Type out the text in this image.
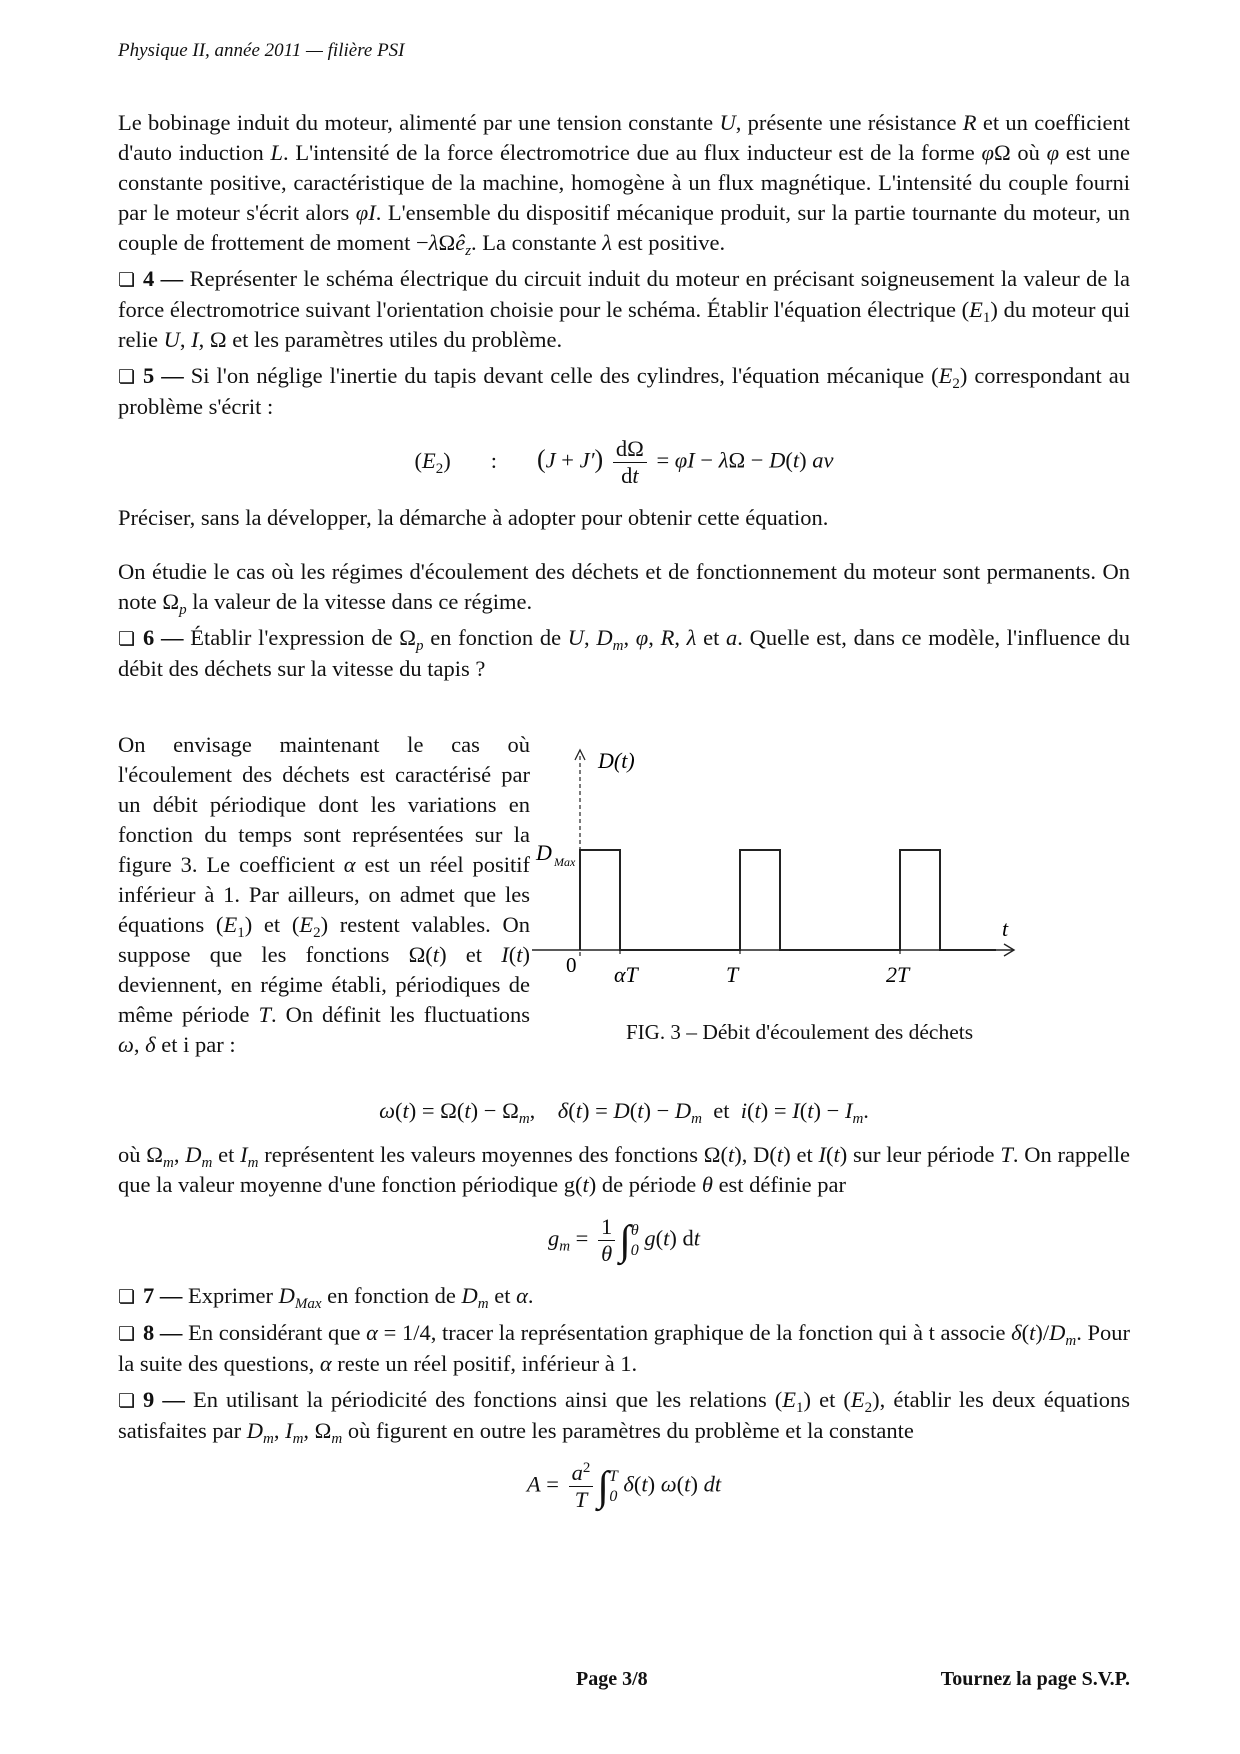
Physique II, année 2011 — filière PSI

Le bobinage induit du moteur, alimenté par une tension constante U, présente une résistance R et un coefficient d'auto induction L. L'intensité de la force électromotrice due au flux inducteur est de la forme φΩ où φ est une constante positive, caractéristique de la machine, homogène à un flux magnétique. L'intensité du couple fourni par le moteur s'écrit alors φI. L'ensemble du dispositif mécanique produit, sur la partie tournante du moteur, un couple de frottement de moment −λΩê$_z$. La constante λ est positive.

❏ 4 — Représenter le schéma électrique du circuit induit du moteur en précisant soigneusement la valeur de la force électromotrice suivant l'orientation choisie pour le schéma. Établir l'équation électrique $(E_1)$ du moteur qui relie U, I, Ω et les paramètres utiles du problème.

❏ 5 — Si l'on néglige l'inertie du tapis devant celle des cylindres, l'équation mécanique $(E_2)$ correspondant au problème s'écrit :

$(E_2)$ : $(J + J') \frac{d\Omega}{dt} = \varphi I - \lambda\Omega - D(t)$ av

Préciser, sans la développer, la démarche à adopter pour obtenir cette équation.

On étudie le cas où les régimes d'écoulement des déchets et de fonctionnement du moteur sont permanents. On note $\Omega_p$ la valeur de la vitesse dans ce régime.

❏ 6 — Établir l'expression de $\Omega_p$ en fonction de U, $D_m$, φ, R, λ et a. Quelle est, dans ce modèle, l'influence du débit des déchets sur la vitesse du tapis ?

On envisage maintenant le cas où l'écoulement des déchets est caractérisé par un débit périodique dont les variations en fonction du temps sont représentées sur la figure 3. Le coefficient α est un réel positif inférieur à 1. Par ailleurs, on admet que les équations $(E_1)$ et $(E_2)$ restent valables. On suppose que les fonctions Ω(t) et I(t) deviennent, en régime établi, périodiques de même période T. On définit les fluctuations ω, δ et i par :

D(t)
t
D Max
0 αT	T	2T
FIG. 3 – Débit d'écoulement des déchets
$\omega(t) = \Omega(t) - \Omega_m$,    $\delta(t) = D(t) - D_m$  et  $i(t) = I(t) - I_m$.

où $\Omega_m$, $D_m$ et $I_m$ représentent les valeurs moyennes des fonctions Ω(t), D(t) et I(t) sur leur période T. On rappelle que la valeur moyenne d'une fonction périodique g(t) de période θ est définie par

$g_m = \frac{1}{\theta}$ ∫ θ
0 g(t) dt

❏ 7 — Exprimer $D_{Max}$ en fonction de $D_m$ et α.

❏ 8 — En considérant que α = 1/4, tracer la représentation graphique de la fonction qui à t associe $\delta(t)/D_m$. Pour la suite des questions, α reste un réel positif, inférieur à 1.

❏ 9 — En utilisant la périodicité des fonctions ainsi que les relations $(E_1)$ et $(E_2)$, établir les deux équations satisfaites par $D_m$, $I_m$, $\Omega_m$ où figurent en outre les paramètres du problème et la constante

$A = \frac{a^2}{T}$ ∫ T
0 δ(t) ω(t) dt
Page 3/8	Tournez la page S.V.P.
